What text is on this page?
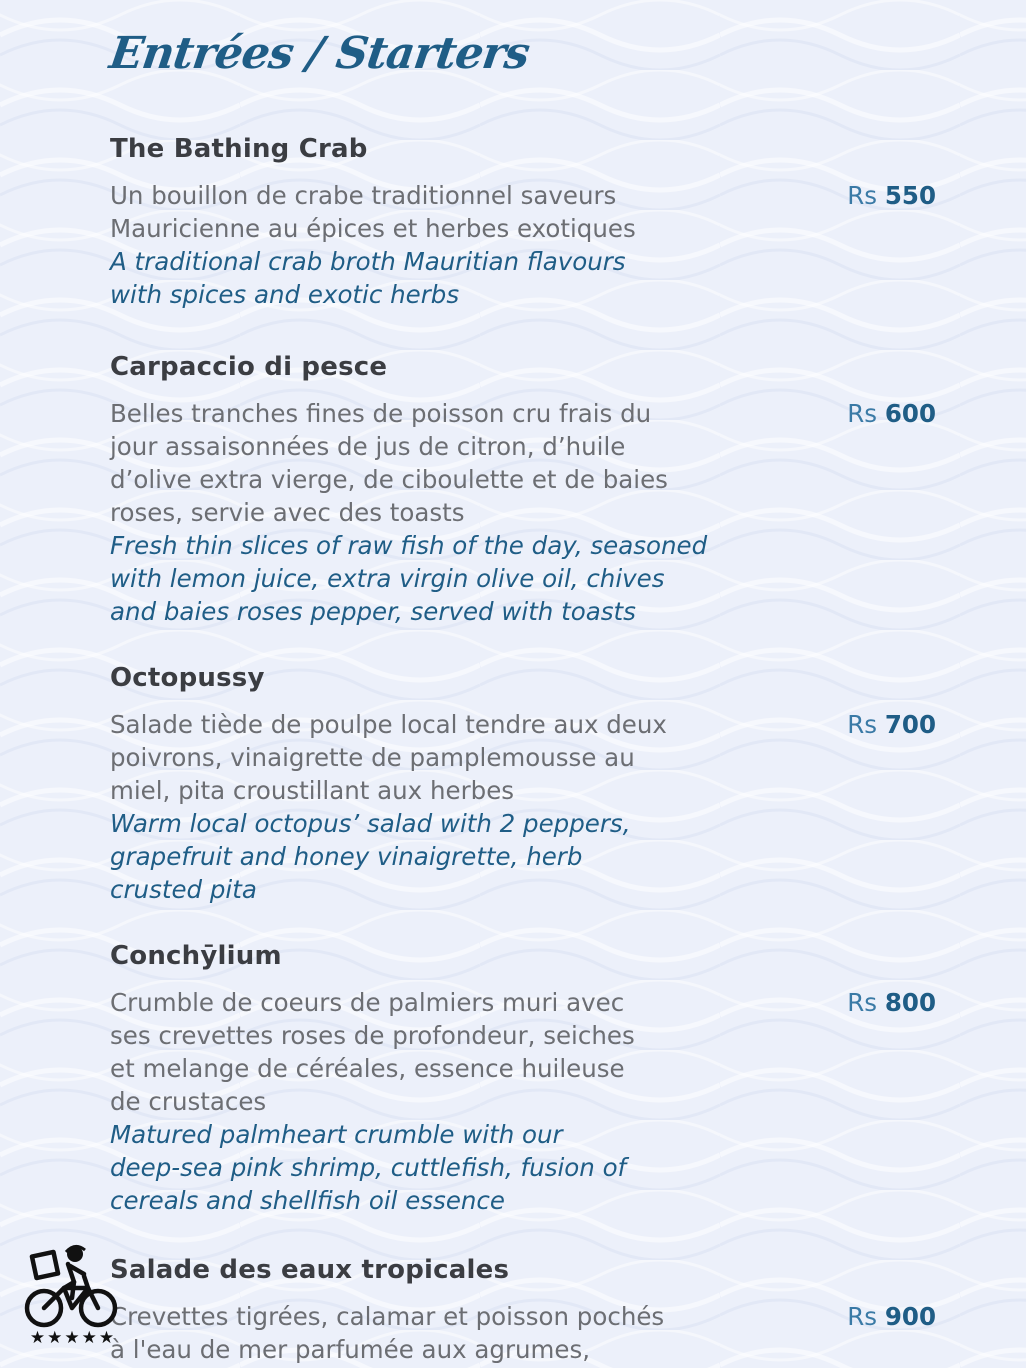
Entrées / Starters
The Bathing Crab
Un bouillon de crabe traditionnel saveurs
Mauricienne au épices et herbes exotiques
A traditional crab broth Mauritian flavours
with spices and exotic herbs
Rs 550
Carpaccio di pesce
Belles tranches fines de poisson cru frais du
jour assaisonnées de jus de citron, d’huile
d’olive extra vierge, de ciboulette et de baies
roses, servie avec des toasts
Fresh thin slices of raw fish of the day, seasoned
with lemon juice, extra virgin olive oil, chives
and baies roses pepper, served with toasts
Rs 600
Octopussy
Salade tiède de poulpe local tendre aux deux
poivrons, vinaigrette de pamplemousse au
miel, pita croustillant aux herbes
Warm local octopus’ salad with 2 peppers,
grapefruit and honey vinaigrette, herb
crusted pita
Rs 700
Conchȳlium
Crumble de coeurs de palmiers muri avec
ses crevettes roses de profondeur, seiches
et melange de céréales, essence huileuse
de crustaces
Matured palmheart crumble with our
deep-sea pink shrimp, cuttlefish, fusion of
cereals and shellfish oil essence
Rs 800
Salade des eaux tropicales
Crevettes tigrées, calamar et poisson pochés
à l'eau de mer parfumée aux agrumes,
Rs 900
★★★★★
